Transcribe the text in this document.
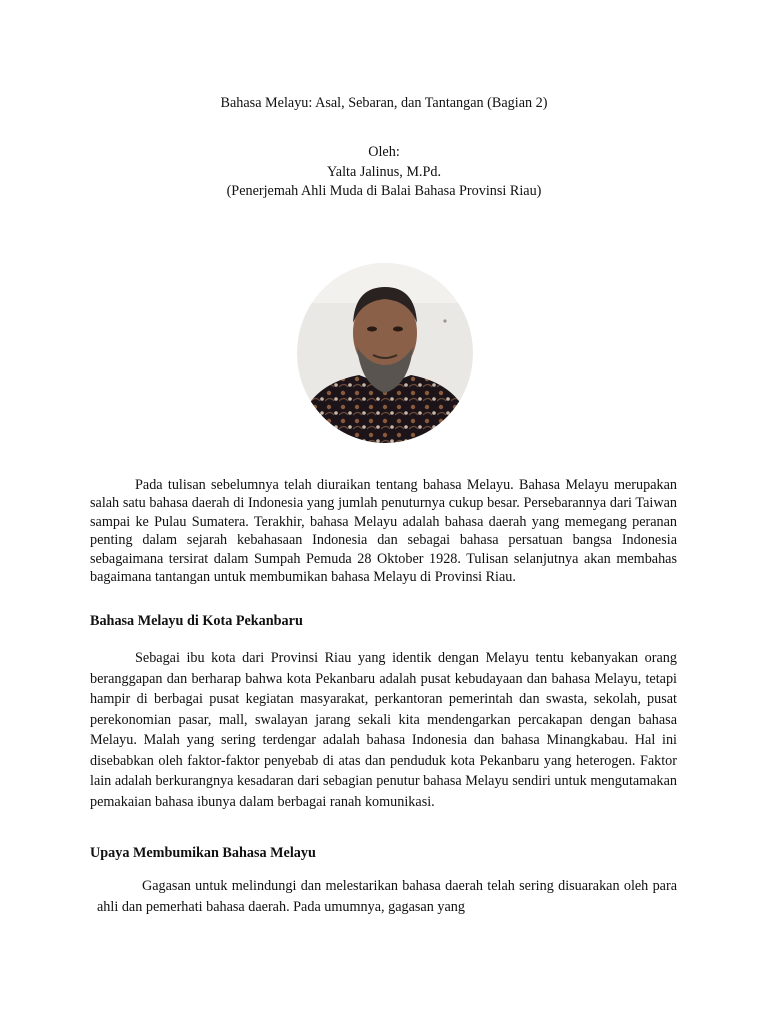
Bahasa Melayu: Asal, Sebaran, dan Tantangan (Bagian 2)
Oleh:
Yalta Jalinus, M.Pd.
(Penerjemah Ahli Muda di Balai Bahasa Provinsi Riau)

Pada tulisan sebelumnya telah diuraikan tentang bahasa Melayu. Bahasa Melayu merupakan salah satu bahasa daerah di Indonesia yang jumlah penuturnya cukup besar. Persebarannya dari Taiwan sampai ke Pulau Sumatera. Terakhir, bahasa Melayu adalah bahasa daerah yang memegang peranan penting dalam sejarah kebahasaan Indonesia dan sebagai bahasa persatuan bangsa Indonesia sebagaimana tersirat dalam Sumpah Pemuda 28 Oktober 1928. Tulisan selanjutnya akan membahas bagaimana tantangan untuk membumikan bahasa Melayu di Provinsi Riau.

Bahasa Melayu di Kota Pekanbaru

Sebagai ibu kota dari Provinsi Riau yang identik dengan Melayu tentu kebanyakan orang beranggapan dan berharap bahwa kota Pekanbaru adalah pusat kebudayaan dan bahasa Melayu, tetapi hampir di berbagai pusat kegiatan masyarakat, perkantoran pemerintah dan swasta, sekolah, pusat perekonomian pasar, mall, swalayan jarang sekali kita mendengarkan percakapan dengan bahasa Melayu. Malah yang sering terdengar adalah bahasa Indonesia dan bahasa Minangkabau. Hal ini disebabkan oleh faktor-faktor penyebab di atas dan penduduk kota Pekanbaru yang heterogen. Faktor lain adalah berkurangnya kesadaran dari sebagian penutur bahasa Melayu sendiri untuk mengutamakan pemakaian bahasa ibunya dalam berbagai ranah komunikasi.

Upaya Membumikan Bahasa Melayu

Gagasan untuk melindungi dan melestarikan bahasa daerah telah sering disuarakan oleh para ahli dan pemerhati bahasa daerah. Pada umumnya, gagasan yang
